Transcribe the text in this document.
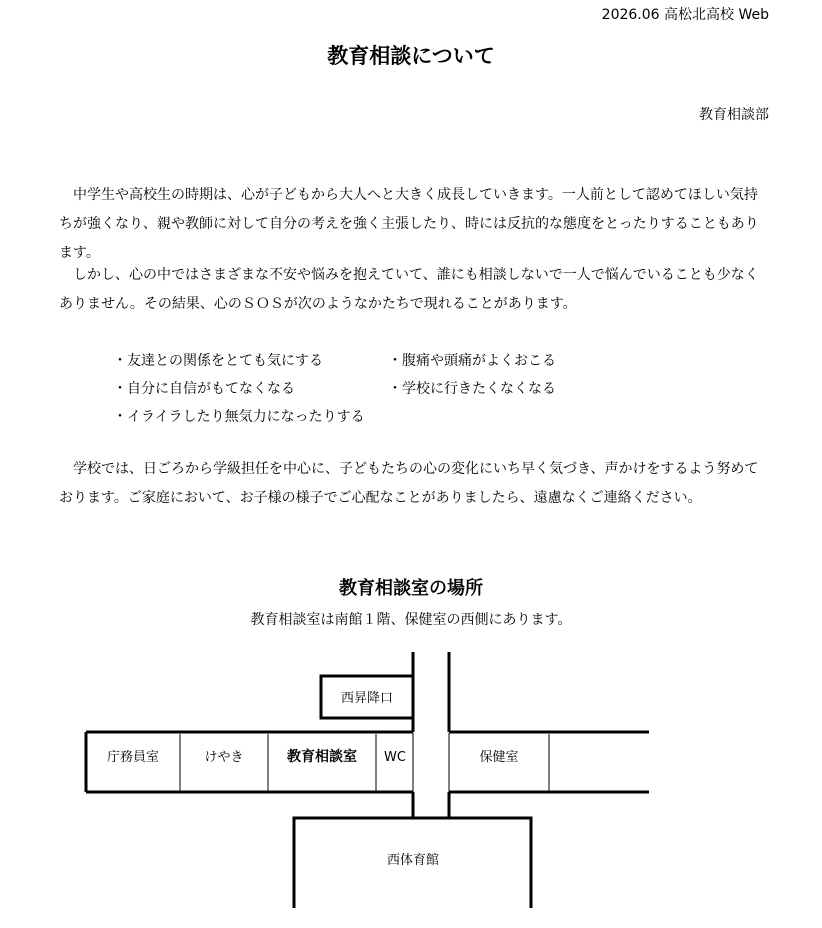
2026.06 高松北高校 Web
教育相談について
教育相談部
中学生や高校生の時期は、心が子どもから大人へと大きく成長していきます。一人前として認めてほしい気持ちが強くなり、親や教師に対して自分の考えを強く主張したり、時には反抗的な態度をとったりすることもあります。
しかし、心の中ではさまざまな不安や悩みを抱えていて、誰にも相談しないで一人で悩んでいることも少なくありません。その結果、心のＳＯＳが次のようなかたちで現れることがあります。
・友達との関係をとても気にする	・腹痛や頭痛がよくおこる
・自分に自信がもてなくなる	・学校に行きたくなくなる
・イライラしたり無気力になったりする
学校では、日ごろから学級担任を中心に、子どもたちの心の変化にいち早く気づき、声かけをするよう努めております。ご家庭において、お子様の様子でご心配なことがありましたら、遠慮なくご連絡ください。
教育相談室の場所
教育相談室は南館１階、保健室の西側にあります。
西昇降口
庁務員室	けやき	教育相談室 WC	保健室
西体育館
